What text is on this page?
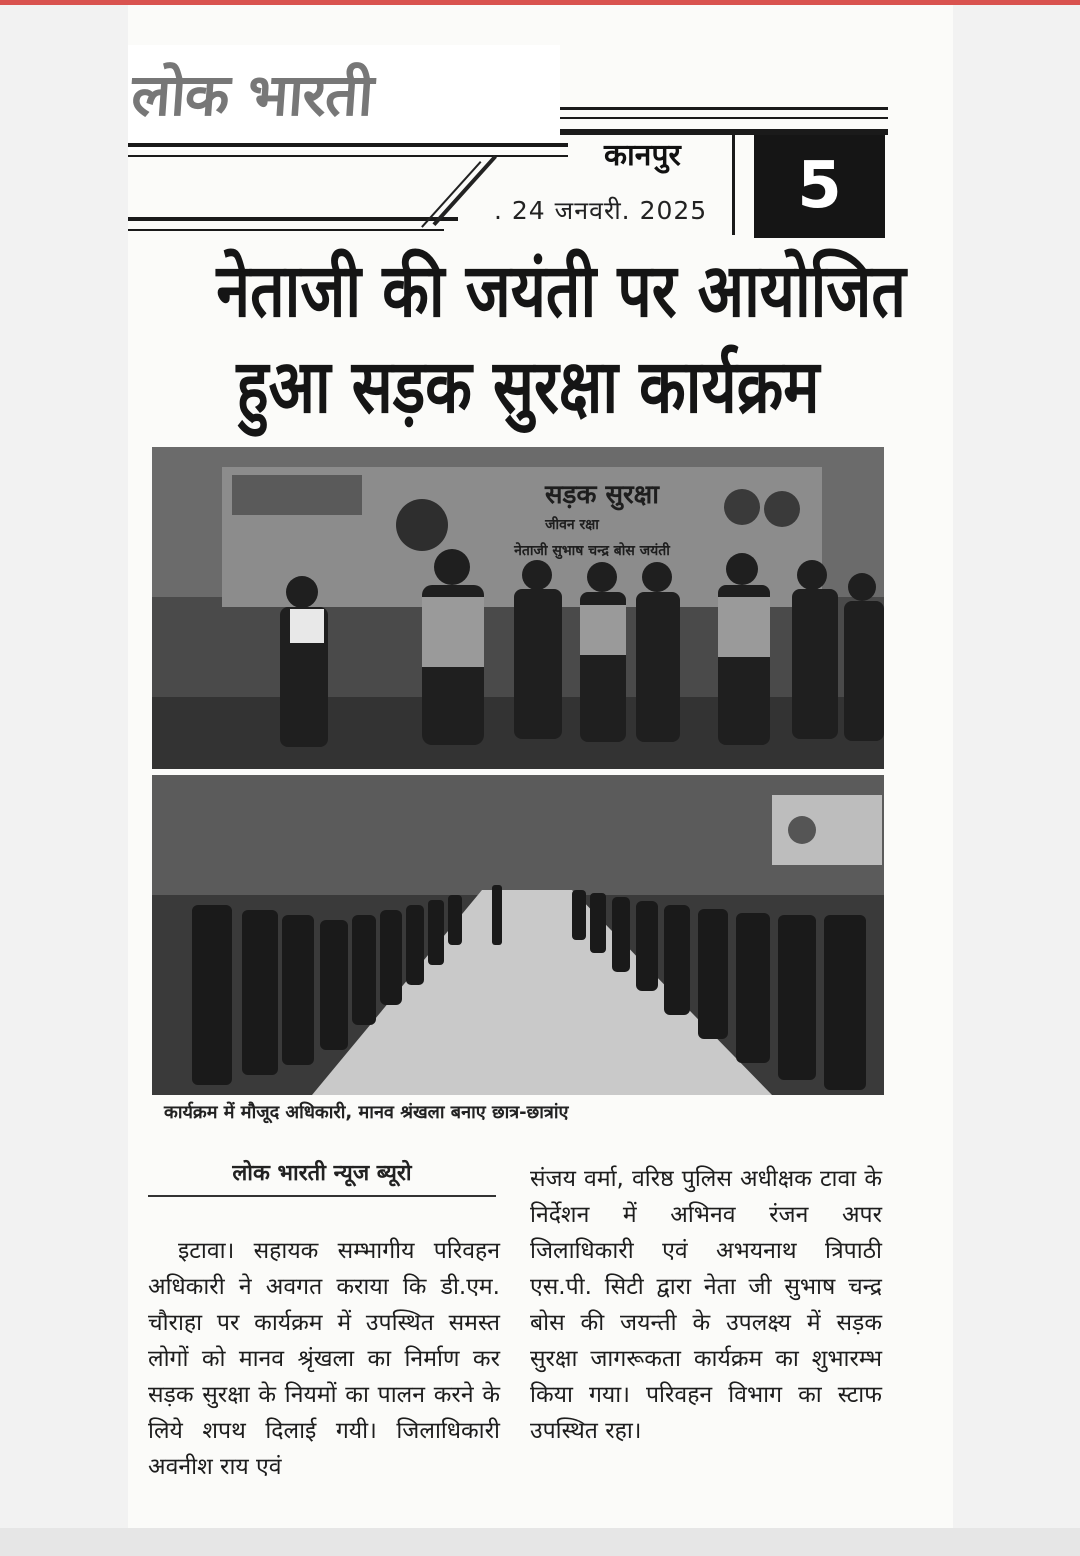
लोक भारती
कानपुर
. 24 जनवरी. 2025	5
नेताजी की जयंती पर आयोजित
हुआ सड़क सुरक्षा कार्यक्रम
सड़क सुरक्षा
जीवन रक्षा
नेताजी सुभाष चन्द्र बोस जयंती
कार्यक्रम में मौजूद अधिकारी, मानव श्रंखला बनाए छात्र-छात्रांए
लोक भारती न्यूज ब्यूरो

इटावा। सहायक सम्भागीय परिवहन अधिकारी ने अवगत कराया कि डी.एम. चौराहा पर कार्यक्रम में उपस्थित समस्त लोगों को मानव श्रृंखला का निर्माण कर सड़क सुरक्षा के नियमों का पालन करने के लिये शपथ दिलाई गयी। जिलाधिकारी अवनीश राय एवं

संजय वर्मा, वरिष्ठ पुलिस अधीक्षक टावा के निर्देशन में अभिनव रंजन अपर जिलाधिकारी एवं अभयनाथ त्रिपाठी एस.पी. सिटी द्वारा नेता जी सुभाष चन्द्र बोस की जयन्ती के उपलक्ष्य में सड़क सुरक्षा जागरूकता कार्यक्रम का शुभारम्भ किया गया। परिवहन विभाग का स्टाफ उपस्थित रहा।
